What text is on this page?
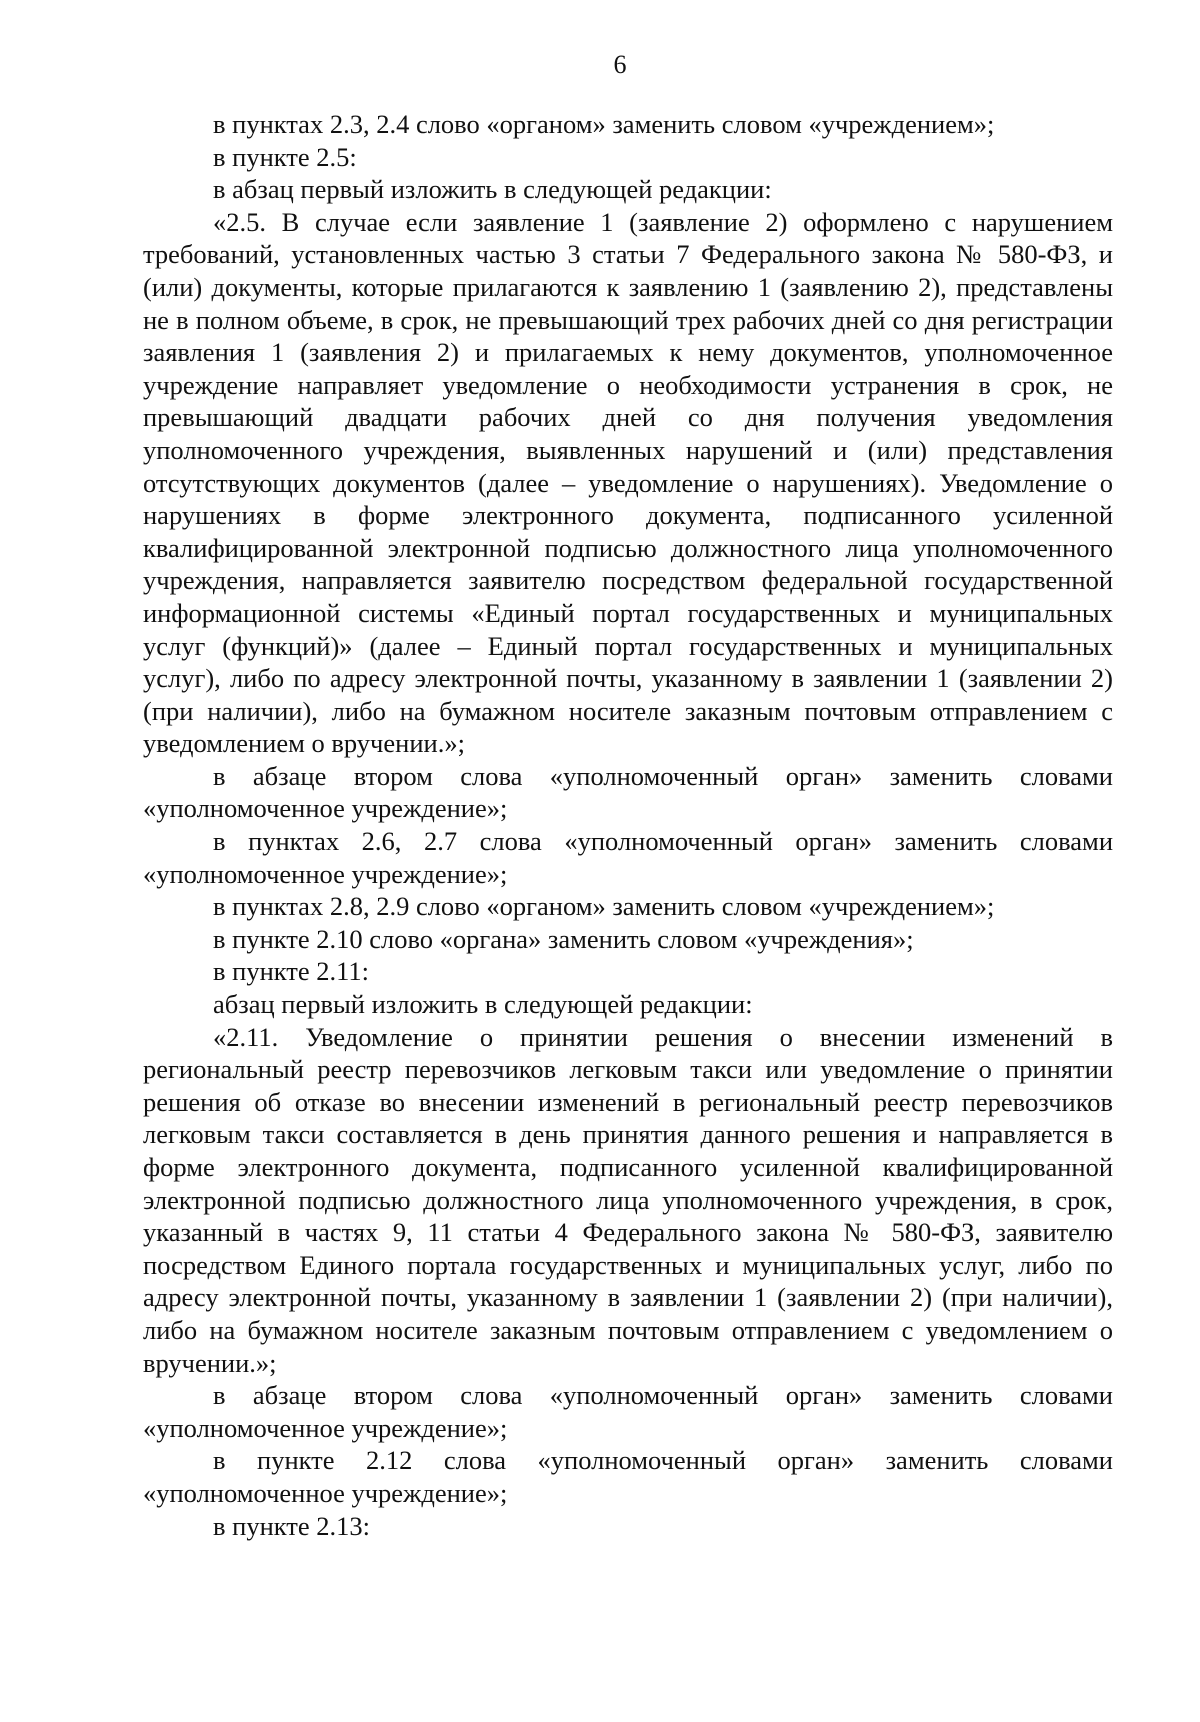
6

в пунктах 2.3, 2.4 слово «органом» заменить словом «учреждением»;

в пункте 2.5:

в абзац первый изложить в следующей редакции:

«2.5. В случае если заявление 1 (заявление 2) оформлено с нарушением требований, установленных частью 3 статьи 7 Федерального закона № 580-ФЗ, и (или) документы, которые прилагаются к заявлению 1 (заявлению 2), представлены не в полном объеме, в срок, не превышающий трех рабочих дней со дня регистрации заявления 1 (заявления 2) и прилагаемых к нему документов, уполномоченное учреждение направляет уведомление о необходимости устранения в срок, не превышающий двадцати рабочих дней со дня получения уведомления уполномоченного учреждения, выявленных нарушений и (или) представления отсутствующих документов (далее – уведомление о нарушениях). Уведомление о нарушениях в форме электронного документа, подписанного усиленной квалифицированной электронной подписью должностного лица уполномоченного учреждения, направляется заявителю посредством федеральной государственной информационной системы «Единый портал государственных и муниципальных услуг (функций)» (далее – Единый портал государственных и муниципальных услуг), либо по адресу электронной почты, указанному в заявлении 1 (заявлении 2) (при наличии), либо на бумажном носителе заказным почтовым отправлением с уведомлением о вручении.»;

в абзаце втором слова «уполномоченный орган» заменить словами «уполномоченное учреждение»;

в пунктах 2.6, 2.7 слова «уполномоченный орган» заменить словами «уполномоченное учреждение»;

в пунктах 2.8, 2.9 слово «органом» заменить словом «учреждением»;

в пункте 2.10 слово «органа» заменить словом «учреждения»;

в пункте 2.11:

абзац первый изложить в следующей редакции:

«2.11. Уведомление о принятии решения о внесении изменений в региональный реестр перевозчиков легковым такси или уведомление о принятии решения об отказе во внесении изменений в региональный реестр перевозчиков легковым такси составляется в день принятия данного решения и направляется в форме электронного документа, подписанного усиленной квалифицированной электронной подписью должностного лица уполномоченного учреждения, в срок, указанный в частях 9, 11 статьи 4 Федерального закона № 580-ФЗ, заявителю посредством Единого портала государственных и муниципальных услуг, либо по адресу электронной почты, указанному в заявлении 1 (заявлении 2) (при наличии), либо на бумажном носителе заказным почтовым отправлением с уведомлением о вручении.»;

в абзаце втором слова «уполномоченный орган» заменить словами «уполномоченное учреждение»;

в пункте 2.12 слова «уполномоченный орган» заменить словами «уполномоченное учреждение»;

в пункте 2.13:
